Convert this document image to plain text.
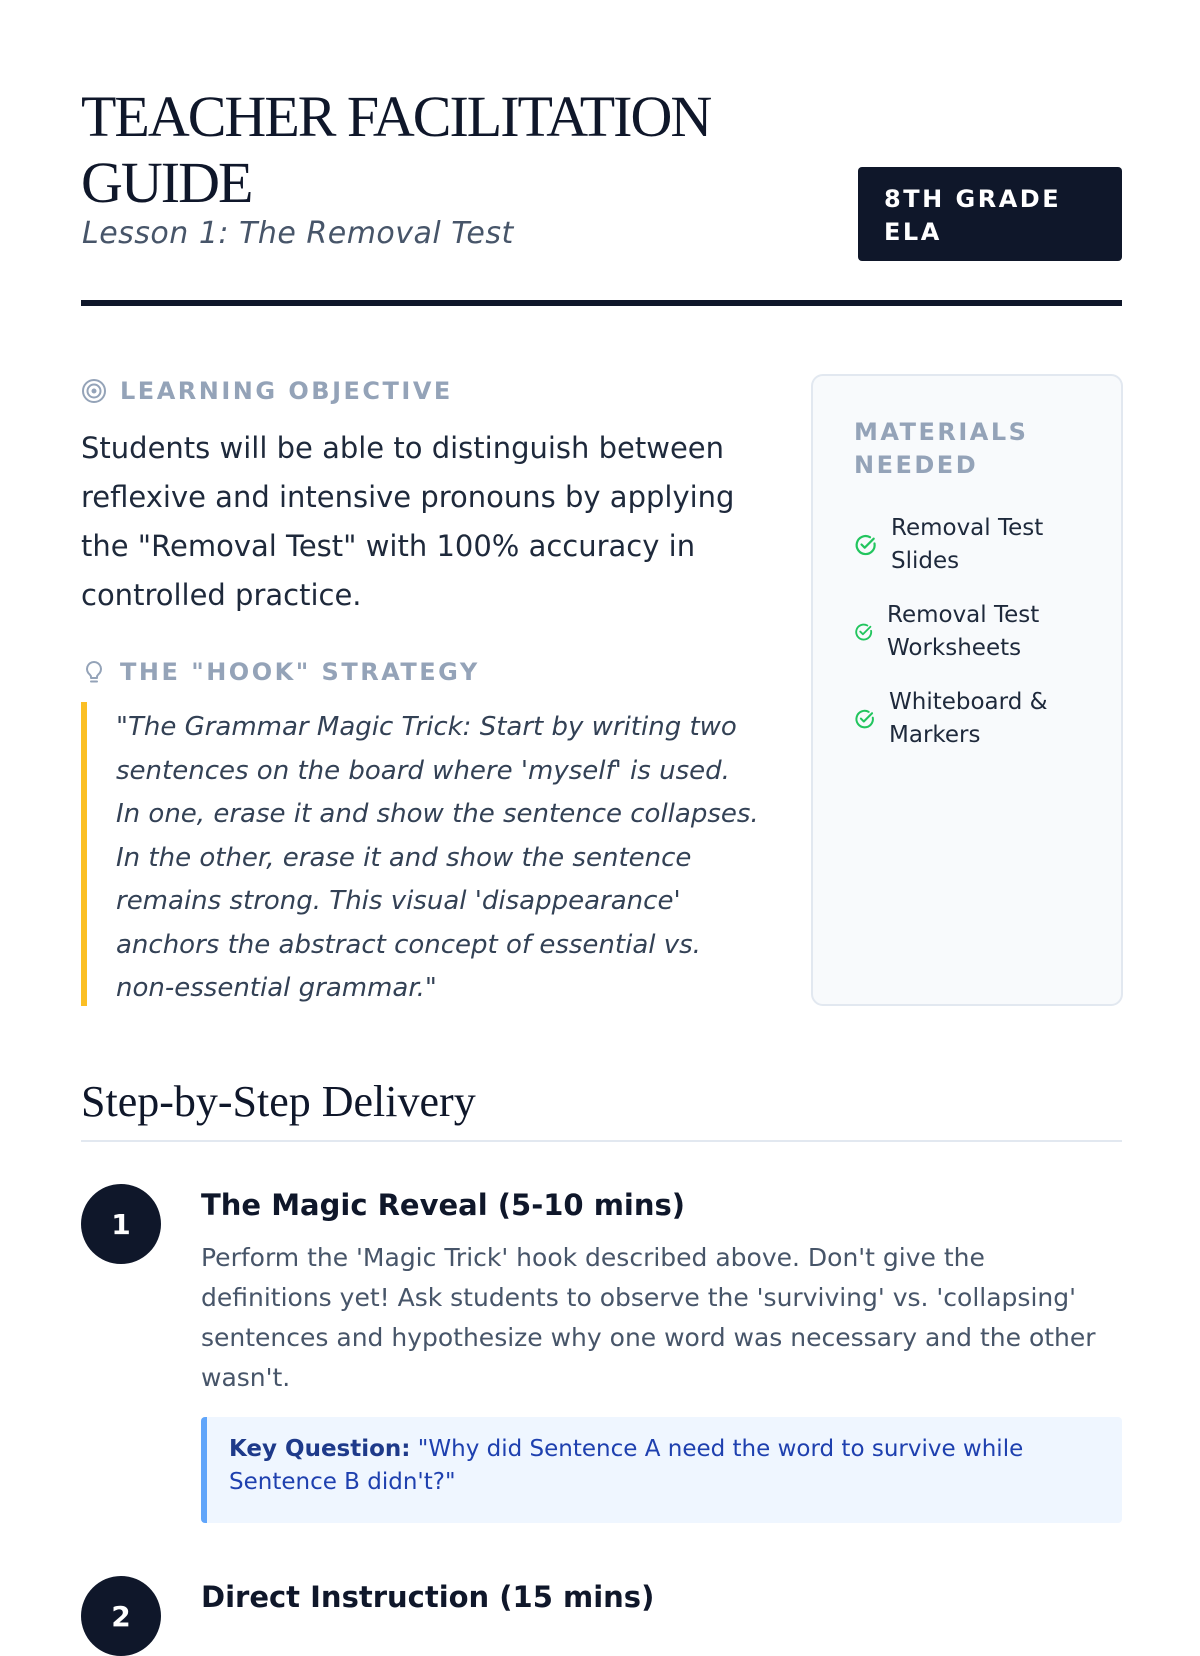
TEACHER FACILITATION GUIDE
Lesson 1: The Removal Test
8TH GRADE ELA
LEARNING OBJECTIVE
Students will be able to distinguish between reflexive and intensive pronouns by applying the "Removal Test" with 100% accuracy in controlled practice.
THE "HOOK" STRATEGY
"The Grammar Magic Trick: Start by writing two sentences on the board where 'myself' is used. In one, erase it and show the sentence collapses. In the other, erase it and show the sentence remains strong. This visual 'disappearance' anchors the abstract concept of essential vs. non-essential grammar."
MATERIALS NEEDED
Removal Test Slides
Removal Test Worksheets
Whiteboard & Markers
Step-by-Step Delivery
1
The Magic Reveal (5-10 mins)
Perform the 'Magic Trick' hook described above. Don't give the definitions yet! Ask students to observe the 'surviving' vs. 'collapsing' sentences and hypothesize why one word was necessary and the other wasn't.
Key Question: "Why did Sentence A need the word to survive while Sentence B didn't?"
2
Direct Instruction (15 mins)
